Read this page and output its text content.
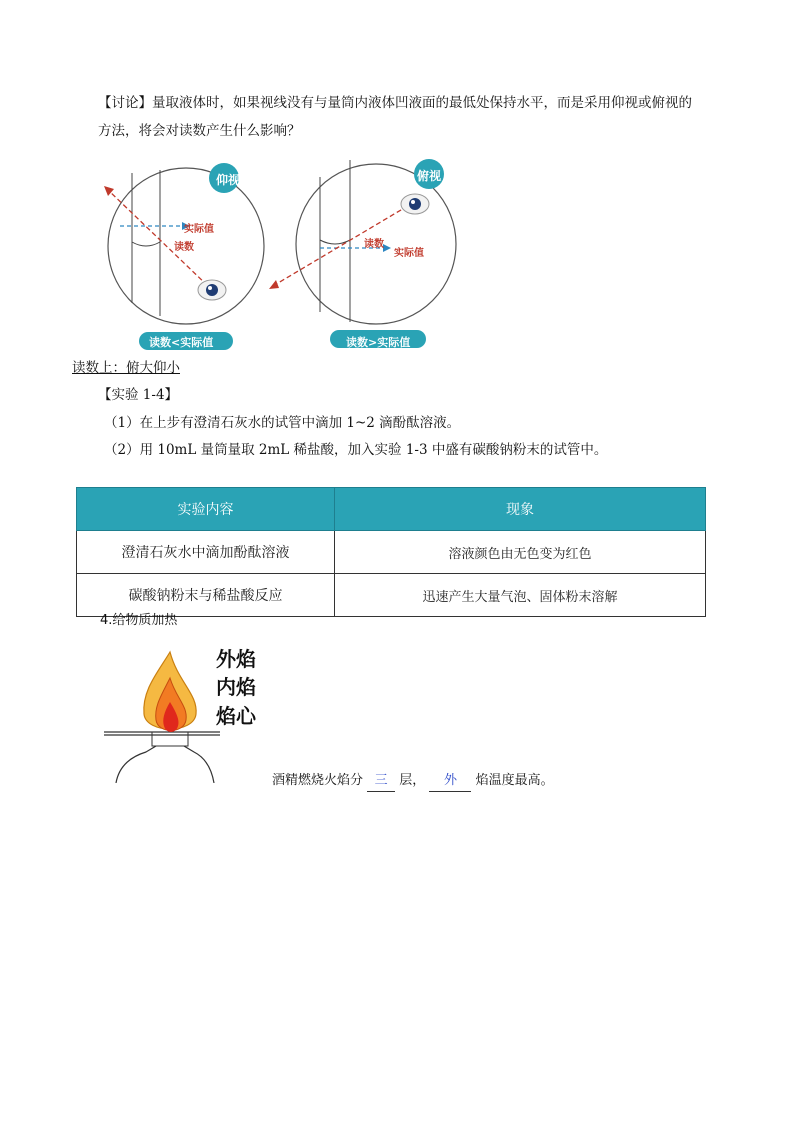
【讨论】量取液体时，如果视线没有与量筒内液体凹液面的最低处保持水平，而是采用仰视或俯视的
方法，将会对读数产生什么影响？
仰视
实际值
读数
读数<实际值
俯视
读数
实际值
读数>实际值
读数上：俯大仰小
【实验 1-4】
（1）在上步有澄清石灰水的试管中滴加 1~2 滴酚酞溶液。
（2）用 10mL 量筒量取 2mL 稀盐酸，加入实验 1-3 中盛有碳酸钠粉末的试管中。
实验内容	现象
澄清石灰水中滴加酚酞溶液	溶液颜色由无色变为红色
碳酸钠粉末与稀盐酸反应	迅速产生大量气泡、固体粉末溶解
4.给物质加热
外焰
内焰
焰心
酒精燃烧火焰分 三 层， 外 焰温度最高。
